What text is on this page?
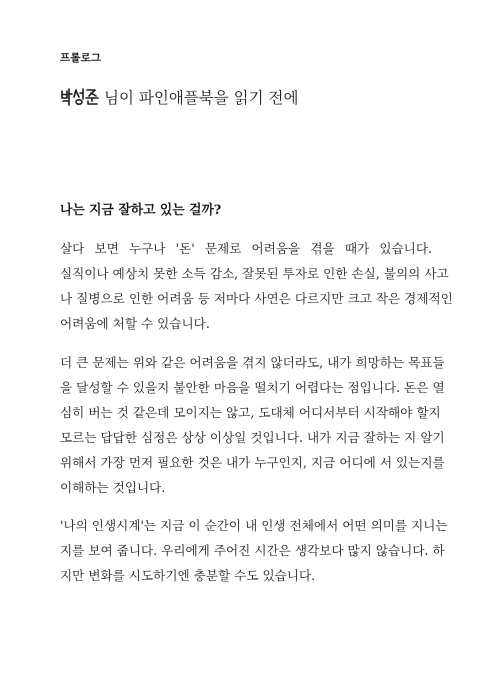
프롤로그
님이 파인애플북을 읽기 전에
나는 지금 잘하고 있는 걸까?
살다 보면 누구나 '돈' 문제로 어려움을 겪을 때가 있습니다.
실직이나 예상치 못한 소득 감소, 잘못된 투자로 인한 손실, 불의의 사고
나 질병으로 인한 어려움 등 저마다 사연은 다르지만 크고 작은 경제적인
어려움에 처할 수 있습니다.
더 큰 문제는 위와 같은 어려움을 겪지 않더라도, 내가 희망하는 목표들
을 달성할 수 있을지 불안한 마음을 떨치기 어렵다는 점입니다. 돈은 열
심히 버는 것 같은데 모이지는 않고, 도대체 어디서부터 시작해야 할지
모르는 답답한 심정은 상상 이상일 것입니다. 내가 지금 잘하는 지 알기
위해서 가장 먼저 필요한 것은 내가 누구인지, 지금 어디에 서 있는지를
이해하는 것입니다.
'나의 인생시계'는 지금 이 순간이 내 인생 전체에서 어떤 의미를 지니는
지를 보여 줍니다. 우리에게 주어진 시간은 생각보다 많지 않습니다. 하
지만 변화를 시도하기엔 충분할 수도 있습니다.
